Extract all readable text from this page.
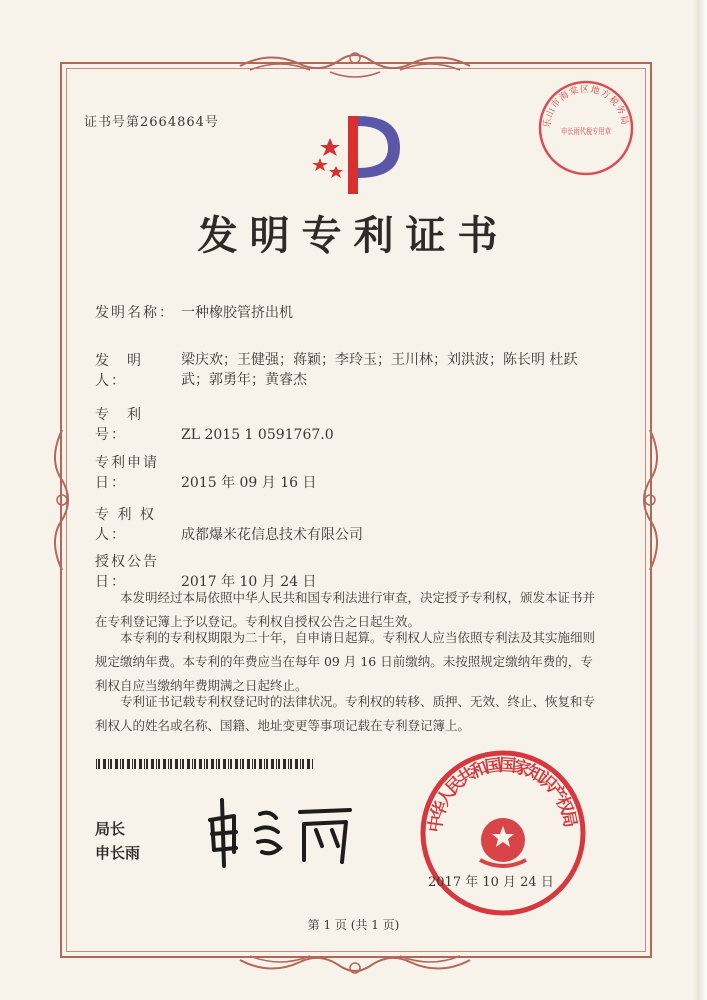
证书号第2664864号
发明专利证书
发明名称： 一种橡胶管挤出机
发　明　人：梁庆欢；王健强；蒋颖；李玲玉；王川林；刘洪波；陈长明 杜跃武；郭勇年；黄睿杰
专　利　号：	ZL 2015 1 0591767.0
专利申请日：	2015 年 09 月 16 日
专 利 权 人：	成都爆米花信息技术有限公司
授权公告日：	2017 年 10 月 24 日
本发明经过本局依照中华人民共和国专利法进行审查，决定授予专利权，颁发本证书并在专利登记簿上予以登记。专利权自授权公告之日起生效。
本专利的专利权期限为二十年，自申请日起算。专利权人应当依照专利法及其实施细则规定缴纳年费。本专利的年费应当在每年 09 月 16 日前缴纳。未按照规定缴纳年费的，专利权自应当缴纳年费期满之日起终止。
专利证书记载专利权登记时的法律状况。专利权的转移、质押、无效、终止、恢复和专利权人的姓名或名称、国籍、地址变更等事项记载在专利登记簿上。
局长
申长雨
中华人民共和国国家知识产权局
2017 年 10 月 24 日
乐山市海棠区地方税务局
申长雨代税专用章
第 1 页 (共 1 页)
